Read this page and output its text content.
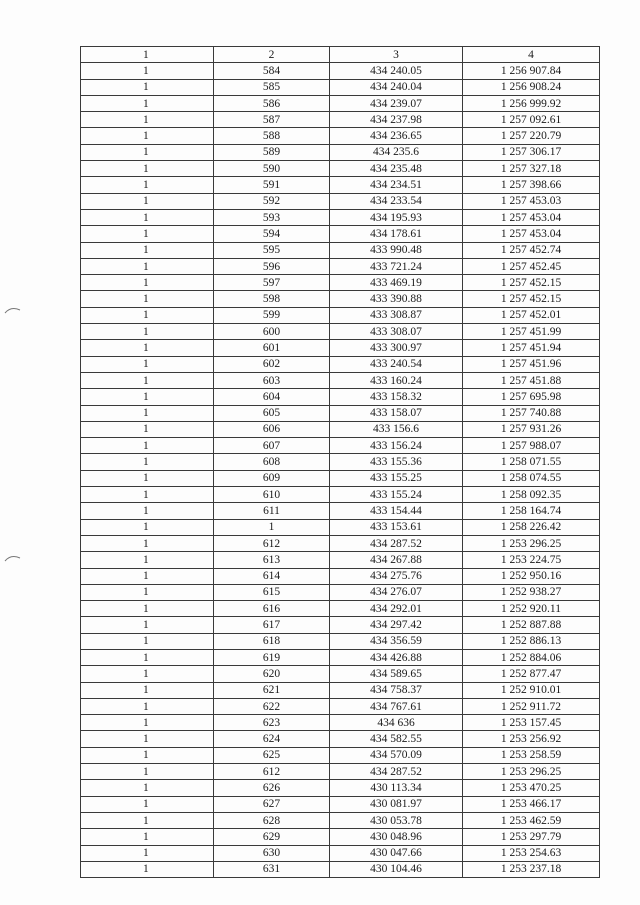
1	2	3	4
1	584	434 240.05	1 256 907.84
1	585	434 240.04	1 256 908.24
1	586	434 239.07	1 256 999.92
1	587	434 237.98	1 257 092.61
1	588	434 236.65	1 257 220.79
1	589	434 235.6	1 257 306.17
1	590	434 235.48	1 257 327.18
1	591	434 234.51	1 257 398.66
1	592	434 233.54	1 257 453.03
1	593	434 195.93	1 257 453.04
1	594	434 178.61	1 257 453.04
1	595	433 990.48	1 257 452.74
1	596	433 721.24	1 257 452.45
1	597	433 469.19	1 257 452.15
1	598	433 390.88	1 257 452.15
1	599	433 308.87	1 257 452.01
1	600	433 308.07	1 257 451.99
1	601	433 300.97	1 257 451.94
1	602	433 240.54	1 257 451.96
1	603	433 160.24	1 257 451.88
1	604	433 158.32	1 257 695.98
1	605	433 158.07	1 257 740.88
1	606	433 156.6	1 257 931.26
1	607	433 156.24	1 257 988.07
1	608	433 155.36	1 258 071.55
1	609	433 155.25	1 258 074.55
1	610	433 155.24	1 258 092.35
1	611	433 154.44	1 258 164.74
1	1	433 153.61	1 258 226.42
1	612	434 287.52	1 253 296.25
1	613	434 267.88	1 253 224.75
1	614	434 275.76	1 252 950.16
1	615	434 276.07	1 252 938.27
1	616	434 292.01	1 252 920.11
1	617	434 297.42	1 252 887.88
1	618	434 356.59	1 252 886.13
1	619	434 426.88	1 252 884.06
1	620	434 589.65	1 252 877.47
1	621	434 758.37	1 252 910.01
1	622	434 767.61	1 252 911.72
1	623	434 636	1 253 157.45
1	624	434 582.55	1 253 256.92
1	625	434 570.09	1 253 258.59
1	612	434 287.52	1 253 296.25
1	626	430 113.34	1 253 470.25
1	627	430 081.97	1 253 466.17
1	628	430 053.78	1 253 462.59
1	629	430 048.96	1 253 297.79
1	630	430 047.66	1 253 254.63
1	631	430 104.46	1 253 237.18
